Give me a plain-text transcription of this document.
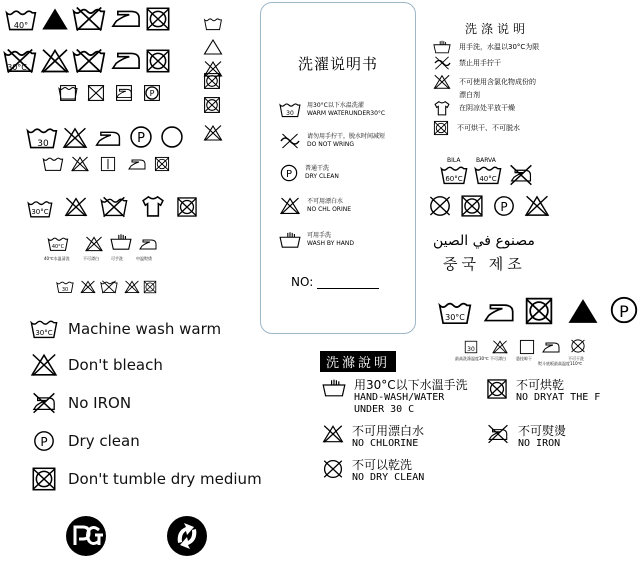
40°
30°C
P
30	P
30°C
40°C
40℃水温清洗	不可漂白	可手洗	中温熨烫
30
30°C Machine wash warm
Don't bleach
No IRON
P Dry clean
Don't tumble dry medium
洗濯说明书
30
用30°C以下水温洗濯
WARM WATERUNDER30°C
请勿用手拧干，脱水时间减短
DO NOT WRING
P
普通干洗
DRY CLEAN
不可用漂白水
NO CHL ORINE
可用手洗
WASH BY HAND
NO:
洗涤说明
用手洗，水温以30°C为限
禁止用手拧干
不可使用含氯化物成份的
漂白剂
在阴凉处平放干燥
不可烘干、不可脱水
BILA	BARVA
60°C 40°C
P
مصنوع في الصين
중국 제조
30°C	P
30
最高洗涤温度30℃ 不可漂白	悬挂晾干
熨斗底板最高温度110℃
不可干洗
洗滌說明
用30°C以下水溫手洗
HAND-WASH/WATER
UNDER 30 C
不可用漂白水
NO CHLORINE
不可以乾洗
NO DRY CLEAN
不可烘乾
NO DRYAT THE F
不可熨燙
NO IRON
